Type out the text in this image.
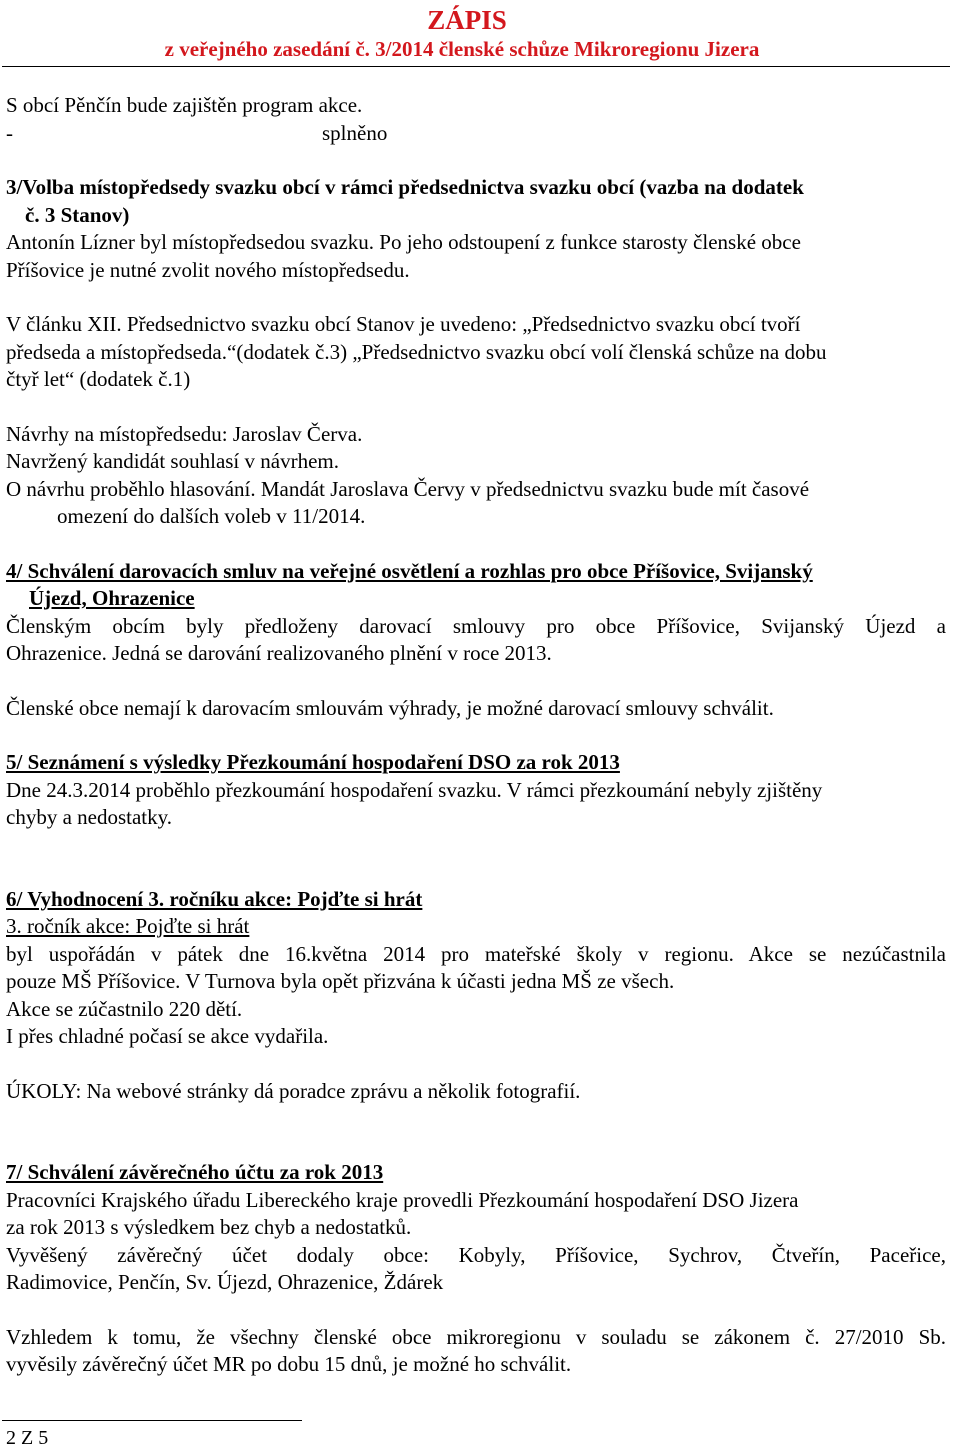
ZÁPIS
z veřejného zasedání č. 3/2014 členské schůze Mikroregionu Jizera

S obcí Pěnčín bude zajištěn program akce.

-	splněno

3/Volba místopředsedy svazku obcí v rámci předsednictva svazku obcí (vazba na dodatek

č. 3 Stanov)

Antonín Lízner byl místopředsedou svazku. Po jeho odstoupení z funkce starosty členské obce

Příšovice je nutné zvolit nového místopředsedu.

V článku XII. Předsednictvo svazku obcí Stanov je uvedeno: „Předsednictvo svazku obcí tvoří

předseda a místopředseda.“(dodatek č.3) „Předsednictvo svazku obcí volí členská schůze na dobu

čtyř let“ (dodatek č.1)

Návrhy na místopředsedu: Jaroslav Červa.

Navržený kandidát souhlasí v návrhem.

O návrhu proběhlo hlasování. Mandát Jaroslava Červy v předsednictvu svazku bude mít časové

omezení do dalších voleb v 11/2014.

4/ Schválení darovacích smluv na veřejné osvětlení a rozhlas pro obce Příšovice, Svijanský

Újezd, Ohrazenice

Členským obcím byly předloženy darovací smlouvy pro obce Příšovice, Svijanský Újezd a

Ohrazenice. Jedná se darování realizovaného plnění v roce 2013.

Členské obce nemají k darovacím smlouvám výhrady, je možné darovací smlouvy schválit.

5/ Seznámení s výsledky Přezkoumání hospodaření DSO za rok 2013

Dne 24.3.2014 proběhlo přezkoumání hospodaření svazku. V rámci přezkoumání nebyly zjištěny

chyby a nedostatky.

6/ Vyhodnocení 3. ročníku akce: Pojďte si hrát

3. ročník akce: Pojďte si hrát

byl uspořádán v pátek dne 16.května 2014 pro mateřské školy v regionu. Akce se nezúčastnila

pouze MŠ Příšovice. V Turnova byla opět přizvána k účasti jedna MŠ ze všech.

Akce se zúčastnilo 220 dětí.

I přes chladné počasí se akce vydařila.

ÚKOLY: Na webové stránky dá poradce zprávu a několik fotografií.

7/ Schválení závěrečného účtu za rok 2013

Pracovníci Krajského úřadu Libereckého kraje provedli Přezkoumání hospodaření DSO Jizera

za rok 2013 s výsledkem bez chyb a nedostatků.

Vyvěšený závěrečný účet dodaly obce: Kobyly, Příšovice, Sychrov, Čtveřín, Paceřice,

Radimovice, Penčín, Sv. Újezd, Ohrazenice, Ždárek

Vzhledem k tomu, že všechny členské obce mikroregionu v souladu se zákonem č. 27/2010 Sb.

vyvěsily závěrečný účet MR po dobu 15 dnů, je možné ho schválit.

2 Z 5
